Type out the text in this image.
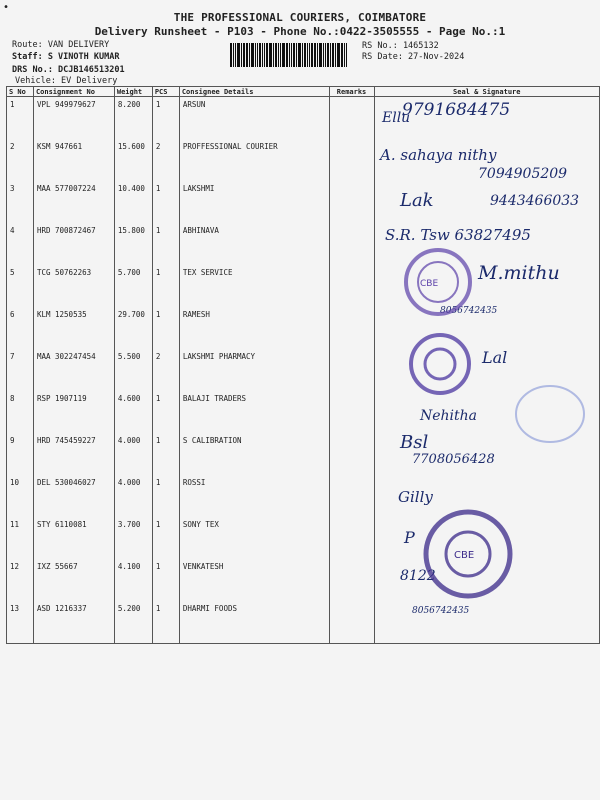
•
THE PROFESSIONAL COURIERS, COIMBATORE
Delivery Runsheet - P103 - Phone No.:0422-3505555 - Page No.:1
Route: VAN DELIVERY
Staff: S VINOTH KUMAR
DRS No.: DCJB146513201
Vehicle: EV Delivery
RS No.: 1465132
RS Date: 27-Nov-2024
S No	Consignment No	Weight	PCS	Consignee Details	Remarks	Seal & Signature
1	VPL 949979627	8.200	1	ARSUN		
2	KSM 947661	15.600	2	PROFFESSIONAL COURIER		
3	MAA 577007224	10.400	1	LAKSHMI		
4	HRD 700872467	15.800	1	ABHINAVA		
5	TCG 50762263	5.700	1	TEX SERVICE		
6	KLM 1250535	29.700	1	RAMESH		
7	MAA 302247454	5.500	2	LAKSHMI PHARMACY		
8	RSP 1907119	4.600	1	BALAJI TRADERS		
9	HRD 745459227	4.000	1	S CALIBRATION		
10	DEL 530046027	4.000	1	ROSSI		
11	STY 6110081	3.700	1	SONY TEX		
12	IXZ 55667	4.100	1	VENKATESH		
13	ASD 1216337	5.200	1	DHARMI FOODS		
Ellu
9791684475
A. sahaya nithy
7094905209
Lak	9443466033
S.R. Tsw 63827495
M.mithu
8056742435
Lal
Nehitha
Bsl
7708056428
Gilly
P
8122
8056742435
CBE
CBE
